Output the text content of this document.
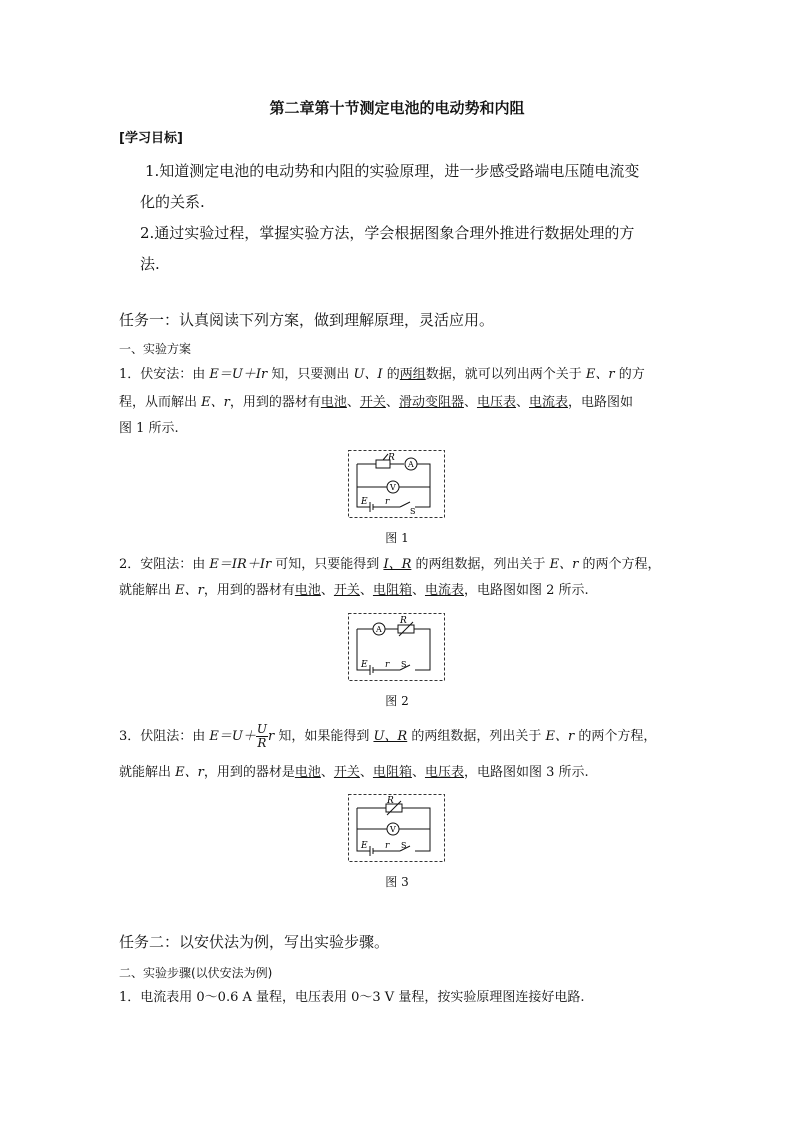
第二章第十节测定电池的电动势和内阻
[学习目标]
1.知道测定电池的电动势和内阻的实验原理，进一步感受路端电压随电流变
化的关系.
2.通过实验过程，掌握实验方法，学会根据图象合理外推进行数据处理的方
法.
任务一：认真阅读下列方案，做到理解原理，灵活应用。
一、实验方案
1．伏安法：由 E＝U＋Ir 知，只要测出 U、I 的两组数据，就可以列出两个关于 E、r 的方
程，从而解出 E、r，用到的器材有电池、开关、滑动变阻器、电压表、电流表，电路图如
图 1 所示.
R
A
V
E r
S
图 1
2．安阻法：由 E＝IR＋Ir 可知，只要能得到 I、R 的两组数据，列出关于 E、r 的两个方程，
就能解出 E、r，用到的器材有电池、开关、电阻箱、电流表，电路图如图 2 所示.
A
R
E r S
图 2
3．伏阻法：由 $E=U+ \frac{U}{R}$ r 知，如果能得到 U、R 的两组数据，列出关于 E、r 的两个方程，
就能解出 E、r，用到的器材是电池、开关、电阻箱、电压表，电路图如图 3 所示.
R
V
E r S
图 3
任务二：以安伏法为例，写出实验步骤。
二、实验步骤(以伏安法为例)
1．电流表用 0～0.6 A 量程，电压表用 0～3 V 量程，按实验原理图连接好电路.
